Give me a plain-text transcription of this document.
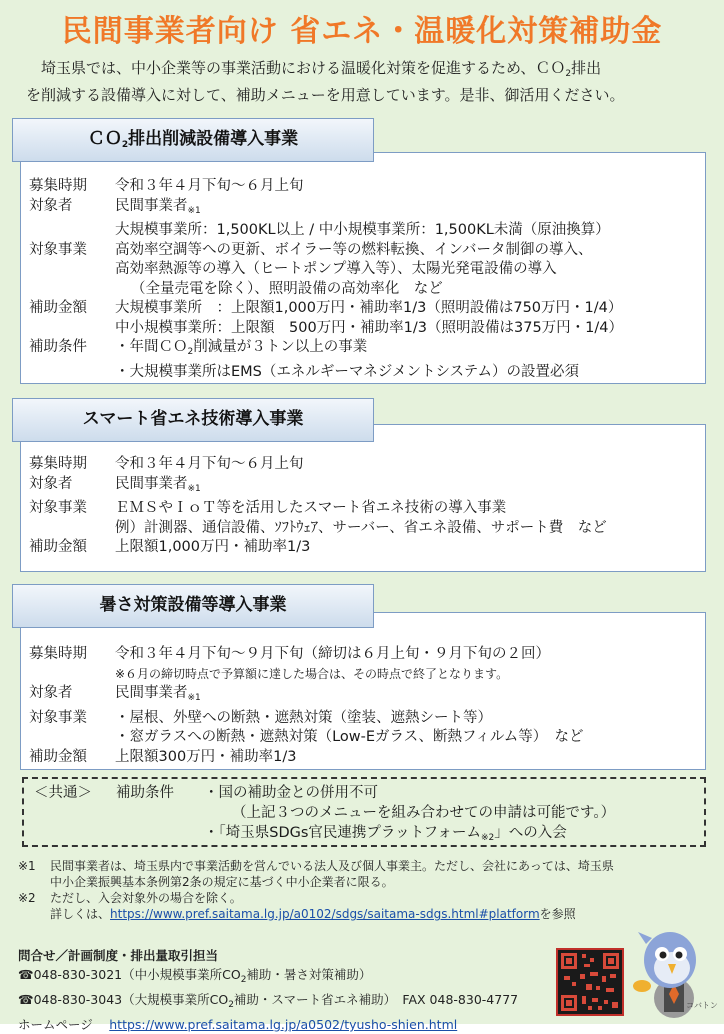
民間事業者向け 省エネ・温暖化対策補助金
埼玉県では、中小企業等の事業活動における温暖化対策を促進するため、ＣＯ$_2$排出
を削減する設備導入に対して、補助メニューを用意しています。是非、御活用ください。
ＣＯ$_2$排出削減設備導入事業
募集時期 令和３年４月下旬～６月上旬
対象者	民間事業者$_{※1}$
大規模事業所：1,500KL以上 / 中小規模事業所：1,500KL未満（原油換算）
対象事業 高効率空調等への更新、ボイラー等の燃料転換、インバータ制御の導入、
高効率熱源等の導入（ヒートポンプ導入等）、太陽光発電設備の導入
（全量売電を除く）、照明設備の高効率化　など
補助金額 大規模事業所　：上限額1,000万円・補助率1/3（照明設備は750万円・1/4）
中小規模事業所：上限額　500万円・補助率1/3（照明設備は375万円・1/4）
補助条件 ・年間ＣＯ$_2$削減量が３トン以上の事業
・大規模事業所はEMS（エネルギーマネジメントシステム）の設置必須
スマート省エネ技術導入事業
募集時期 令和３年４月下旬～６月上旬
対象者	民間事業者$_{※1}$
対象事業 ＥＭＳやＩｏＴ等を活用したスマート省エネ技術の導入事業
例）計測器、通信設備、ｿﾌﾄｳｪｱ、サーバー、省エネ設備、サポート費　など
補助金額 上限額1,000万円・補助率1/3
暑さ対策設備等導入事業
募集時期 令和３年４月下旬～９月下旬（締切は６月上旬・９月下旬の２回）
※６月の締切時点で予算額に達した場合は、その時点で終了となります。
対象者	民間事業者$_{※1}$
対象事業 ・屋根、外壁への断熱・遮熱対策（塗装、遮熱シート等）
・窓ガラスへの断熱・遮熱対策（Low-Eガラス、断熱フィルム等）　など
補助金額 上限額300万円・補助率1/3
＜共通＞ 補助条件 ・国の補助金との併用不可
（上記３つのメニューを組み合わせての申請は可能です。）
・「埼玉県SDGs官民連携プラットフォーム$_{※2}$」への入会
※1 民間事業者は、埼玉県内で事業活動を営んでいる法人及び個人事業主。ただし、会社にあっては、埼玉県
中小企業振興基本条例第2条の規定に基づく中小企業者に限る。
※2 ただし、入会対象外の場合を除く。
詳しくは、https://www.pref.saitama.lg.jp/a0102/sdgs/saitama-sdgs.html#platformを参照
問合せ／計画制度・排出量取引担当
☎048-830-3021（中小規模事業所$CO_2$補助・暑さ対策補助）
☎048-830-3043（大規模事業所$CO_2$補助・スマート省エネ補助）　FAX 048-830-4777
ホームページ　 https://www.pref.saitama.lg.jp/a0502/tyusho-shien.html
コバトン
